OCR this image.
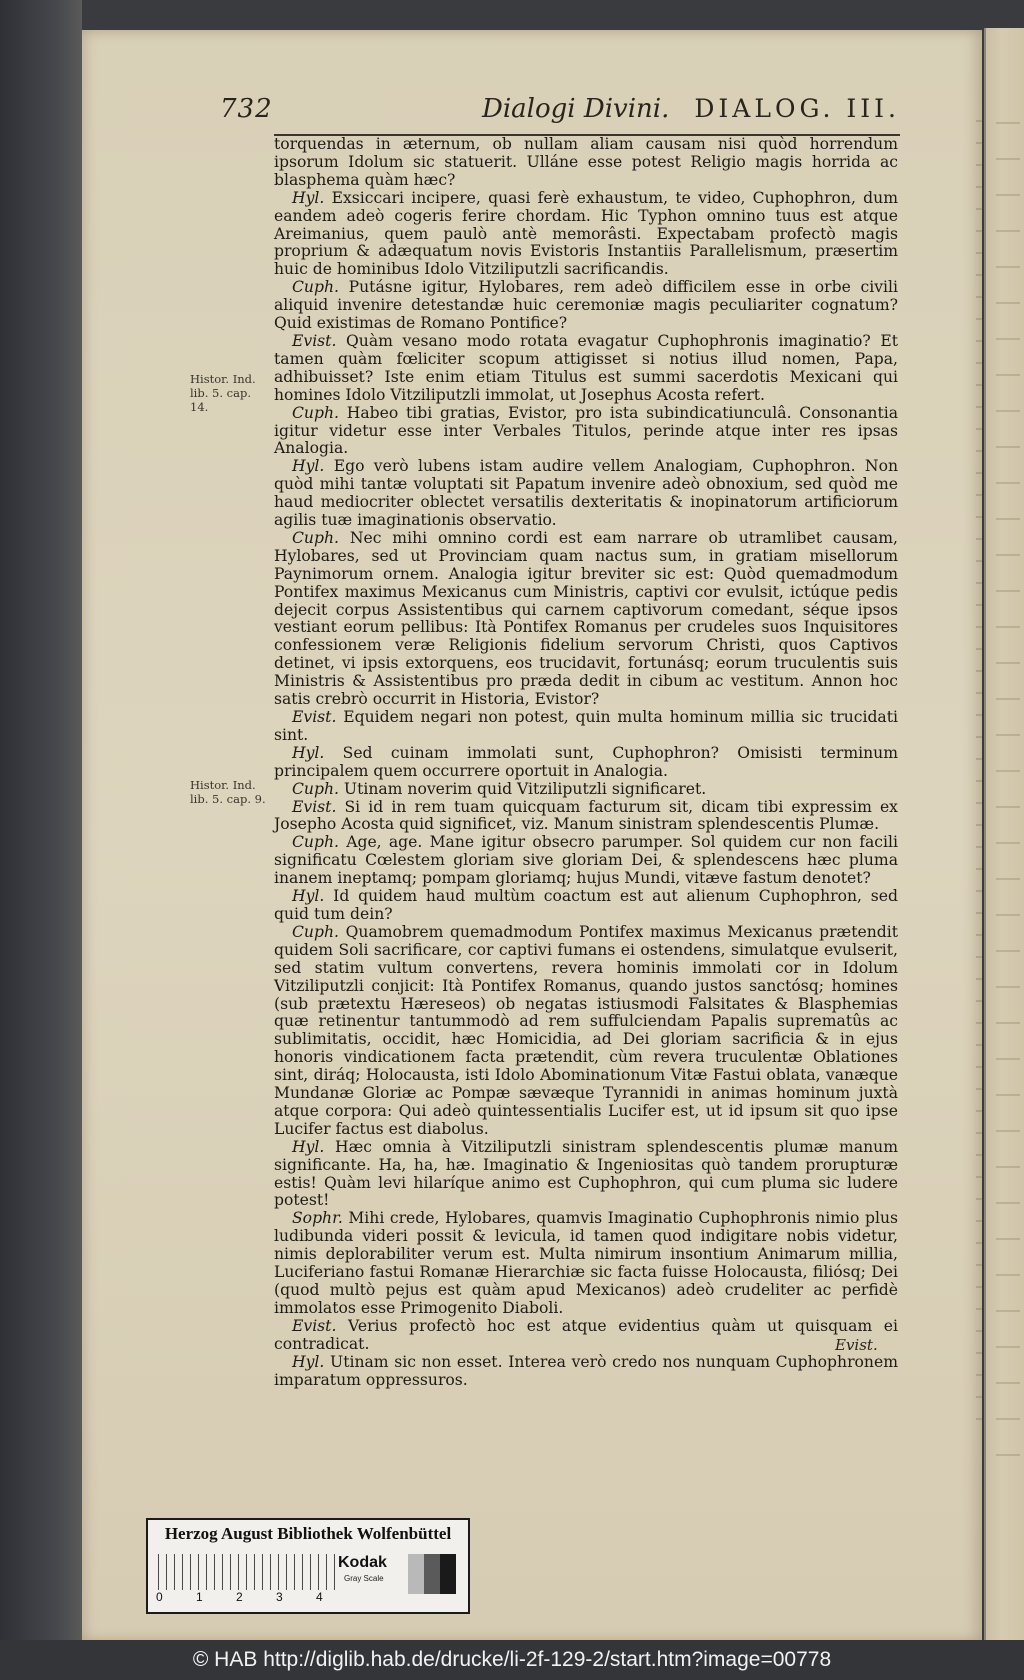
732	Dialogi Divini. DIALOG. III.
Histor. Ind. lib. 5. cap. 14.
Histor. Ind. lib. 5. cap. 9.

torquendas in æternum, ob nullam aliam causam nisi quòd horrendum ipsorum Idolum sic statuerit. Ulláne esse potest Religio magis horrida ac blasphema quàm hæc?

Hyl. Exsiccari incipere, quasi ferè exhaustum, te video, Cuphophron, dum eandem adeò cogeris ferire chordam. Hic Typhon omnino tuus est atque Areimanius, quem paulò antè memorâsti. Expectabam profectò magis proprium & adæquatum novis Evistoris Instantiis Parallelismum, præsertim huic de hominibus Idolo Vitziliputzli sacrificandis.

Cuph. Putásne igitur, Hylobares, rem adeò difficilem esse in orbe civili aliquid invenire detestandæ huic ceremoniæ magis peculiariter cognatum? Quid existimas de Romano Pontifice?

Evist. Quàm vesano modo rotata evagatur Cuphophronis imaginatio? Et tamen quàm fœliciter scopum attigisset si notius illud nomen, Papa, adhibuisset? Iste enim etiam Titulus est summi sacerdotis Mexicani qui homines Idolo Vitziliputzli immolat, ut Josephus Acosta refert.

Cuph. Habeo tibi gratias, Evistor, pro ista subindicatiunculâ. Consonantia igitur videtur esse inter Verbales Titulos, perinde atque inter res ipsas Analogia.

Hyl. Ego verò lubens istam audire vellem Analogiam, Cuphophron. Non quòd mihi tantæ voluptati sit Papatum invenire adeò obnoxium, sed quòd me haud mediocriter oblectet versatilis dexteritatis & inopinatorum artificiorum agilis tuæ imaginationis observatio.

Cuph. Nec mihi omnino cordi est eam narrare ob utramlibet causam, Hylobares, sed ut Provinciam quam nactus sum, in gratiam misellorum Paynimorum ornem. Analogia igitur breviter sic est: Quòd quemadmodum Pontifex maximus Mexicanus cum Ministris, captivi cor evulsit, ictúque pedis dejecit corpus Assistentibus qui carnem captivorum comedant, séque ipsos vestiant eorum pellibus: Ità Pontifex Romanus per crudeles suos Inquisitores confessionem veræ Religionis fidelium servorum Christi, quos Captivos detinet, vi ipsis extorquens, eos trucidavit, fortunásq; eorum truculentis suis Ministris & Assistentibus pro præda dedit in cibum ac vestitum. Annon hoc satis crebrò occurrit in Historia, Evistor?

Evist. Equidem negari non potest, quin multa hominum millia sic trucidati sint.

Hyl. Sed cuinam immolati sunt, Cuphophron? Omisisti terminum principalem quem occurrere oportuit in Analogia.

Cuph. Utinam noverim quid Vitziliputzli significaret.

Evist. Si id in rem tuam quicquam facturum sit, dicam tibi expressim ex Josepho Acosta quid significet, viz. Manum sinistram splendescentis Plumæ.

Cuph. Age, age. Mane igitur obsecro parumper. Sol quidem cur non facili significatu Cœlestem gloriam sive gloriam Dei, & splendescens hæc pluma inanem ineptamq; pompam gloriamq; hujus Mundi, vitæve fastum denotet?

Hyl. Id quidem haud multùm coactum est aut alienum Cuphophron, sed quid tum dein?

Cuph. Quamobrem quemadmodum Pontifex maximus Mexicanus prætendit quidem Soli sacrificare, cor captivi fumans ei ostendens, simulatque evulserit, sed statim vultum convertens, revera hominis immolati cor in Idolum Vitziliputzli conjicit: Ità Pontifex Romanus, quando justos sanctósq; homines (sub prætextu Hæreseos) ob negatas istiusmodi Falsitates & Blasphemias quæ retinentur tantummodò ad rem suffulciendam Papalis suprematûs ac sublimitatis, occidit, hæc Homicidia, ad Dei gloriam sacrificia & in ejus honoris vindicationem facta prætendit, cùm revera truculentæ Oblationes sint, diráq; Holocausta, isti Idolo Abominationum Vitæ Fastui oblata, vanæque Mundanæ Gloriæ ac Pompæ sævæque Tyrannidi in animas hominum juxtà atque corpora: Qui adeò quintessentialis Lucifer est, ut id ipsum sit quo ipse Lucifer factus est diabolus.

Hyl. Hæc omnia à Vitziliputzli sinistram splendescentis plumæ manum significante. Ha, ha, hæ. Imaginatio & Ingeniositas quò tandem prorupturæ estis! Quàm levi hilaríque animo est Cuphophron, qui cum pluma sic ludere potest!

Sophr. Mihi crede, Hylobares, quamvis Imaginatio Cuphophronis nimio plus ludibunda videri possit & levicula, id tamen quod indigitare nobis videtur, nimis deplorabiliter verum est. Multa nimirum insontium Animarum millia, Luciferiano fastui Romanæ Hierarchiæ sic facta fuisse Holocausta, filiósq; Dei (quod multò pejus est quàm apud Mexicanos) adeò crudeliter ac perfidè immolatos esse Primogenito Diaboli.

Evist. Verius profectò hoc est atque evidentius quàm ut quisquam ei contradicat.

Hyl. Utinam sic non esset. Interea verò credo nos nunquam Cuphophronem imparatum oppressuros.

Evist.
Herzog August Bibliothek Wolfenbüttel
0	1	2	3	4
Kodak
Gray Scale
© HAB http://diglib.hab.de/drucke/li-2f-129-2/start.htm?image=00778
